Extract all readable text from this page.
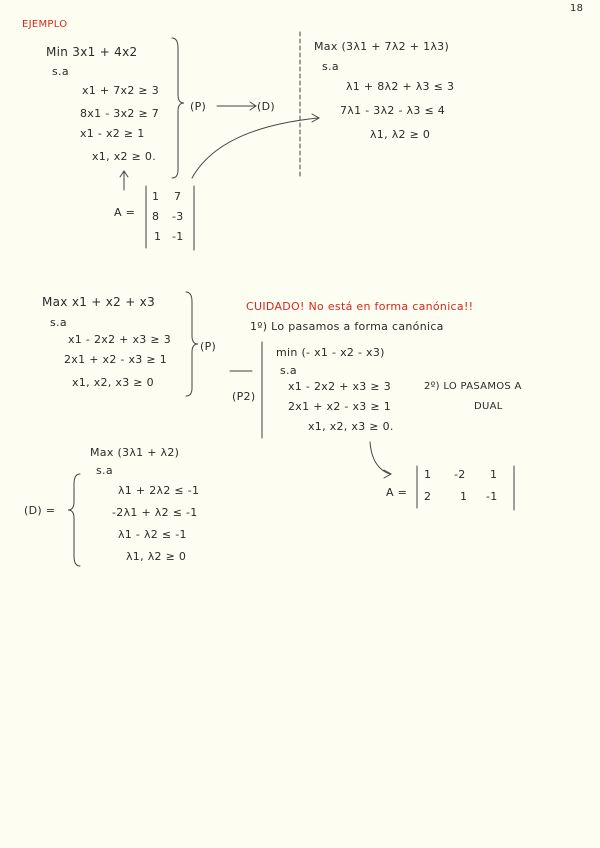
18
EJEMPLO
Min 3x1 + 4x2
s.a
x1 + 7x2 ≥ 3
8x1 - 3x2 ≥ 7
x1 - x2 ≥ 1
x1, x2 ≥ 0.
(P)	(D)
A =
1 7
8 -3
1 -1
Max (3λ1 + 7λ2 + 1λ3)
s.a
λ1 + 8λ2 + λ3 ≤ 3
7λ1 - 3λ2 - λ3 ≤ 4
λ1, λ2 ≥ 0
Max x1 + x2 + x3
s.a
x1 - 2x2 + x3 ≥ 3
2x1 + x2 - x3 ≥ 1
x1, x2, x3 ≥ 0
(P)
CUIDADO! No está en forma canónica!!
1º) Lo pasamos a forma canónica
min (- x1 - x2 - x3)
s.a
x1 - 2x2 + x3 ≥ 3
2x1 + x2 - x3 ≥ 1
x1, x2, x3 ≥ 0.
(P2)
2º) LO PASAMOS A
DUAL
A =
1 -2 1
2	1 -1
(D) =
Max (3λ1 + λ2)
s.a
λ1 + 2λ2 ≤ -1
-2λ1 + λ2 ≤ -1
λ1 - λ2 ≤ -1
λ1, λ2 ≥ 0
